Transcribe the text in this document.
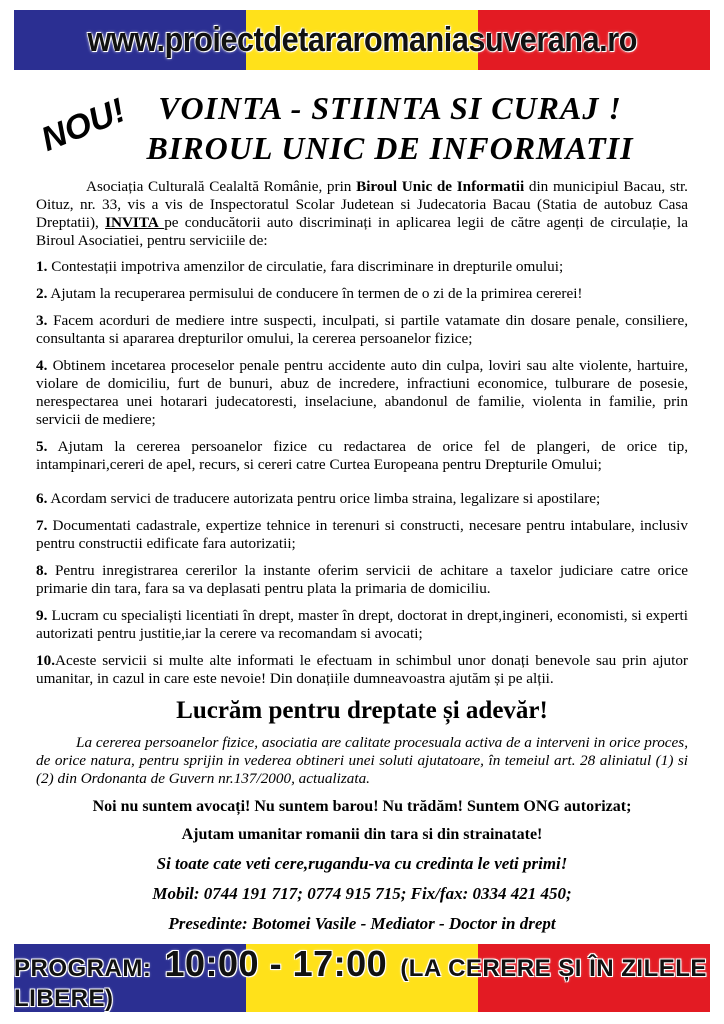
www.proiectdetararomaniasuverana.ro
NOU! VOINTA - STIINTA SI CURAJ !
BIROUL UNIC DE INFORMATII

Asociația Culturală Cealaltă Românie, prin Biroul Unic de Informatii din municipiul Bacau, str. Oituz, nr. 33, vis a vis de Inspectoratul Scolar Judetean si Judecatoria Bacau (Statia de autobuz Casa Dreptatii), INVITA pe conducătorii auto discriminați in aplicarea legii de către agenți de circulație, la Biroul Asociatiei, pentru serviciile de:

1. Contestații impotriva amenzilor de circulatie, fara discriminare in drepturile omului;

2. Ajutam la recuperarea permisului de conducere în termen de o zi de la primirea cererei!

3. Facem acorduri de mediere intre suspecti, inculpati, si partile vatamate din dosare penale, consiliere, consultanta si apararea drepturilor omului, la cererea persoanelor fizice;

4. Obtinem incetarea proceselor penale pentru accidente auto din culpa, loviri sau alte violente, hartuire, violare de domiciliu, furt de bunuri, abuz de incredere, infractiuni economice, tulburare de posesie, nerespectarea unei hotarari judecatoresti, inselaciune, abandonul de familie, violenta in familie, prin servicii de mediere;

5. Ajutam la cererea persoanelor fizice cu redactarea de orice fel de plangeri, de orice tip, intampinari,cereri de apel, recurs, si cereri catre Curtea Europeana pentru Drepturile Omului;

6. Acordam servici de traducere autorizata pentru orice limba straina, legalizare si apostilare;

7. Documentati cadastrale, expertize tehnice in terenuri si constructi, necesare pentru intabulare, inclusiv pentru constructii edificate fara autorizatii;

8. Pentru inregistrarea cererilor la instante oferim servicii de achitare a taxelor judiciare catre orice primarie din tara, fara sa va deplasati pentru plata la primaria de domiciliu.

9. Lucram cu specialiști licentiati în drept, master în drept, doctorat in drept,ingineri, economisti, si experti autorizati pentru justitie,iar la cerere va recomandam si avocati;

10.Aceste servicii si multe alte informati le efectuam in schimbul unor donați benevole sau prin ajutor umanitar, in cazul in care este nevoie! Din donațiile dumneavoastra ajutăm și pe alții.

Lucrăm pentru dreptate și adevăr!

La cererea persoanelor fizice, asociatia are calitate procesuala activa de a interveni in orice proces, de orice natura, pentru sprijin in vederea obtineri unei soluti ajutatoare, în temeiul art. 28 aliniatul (1) si (2) din Ordonanta de Guvern nr.137/2000, actualizata.

Noi nu suntem avocați! Nu suntem barou! Nu trădăm! Suntem ONG autorizat;

Ajutam umanitar romanii din tara si din strainatate!

Si toate cate veti cere,rugandu-va cu credinta le veti primi!

Mobil: 0744 191 717; 0774 915 715; Fix/fax: 0334 421 450;

Presedinte: Botomei Vasile - Mediator - Doctor in drept

PROGRAM: 10:00 - 17:00 (LA CERERE ȘI ÎN ZILELE LIBERE)
